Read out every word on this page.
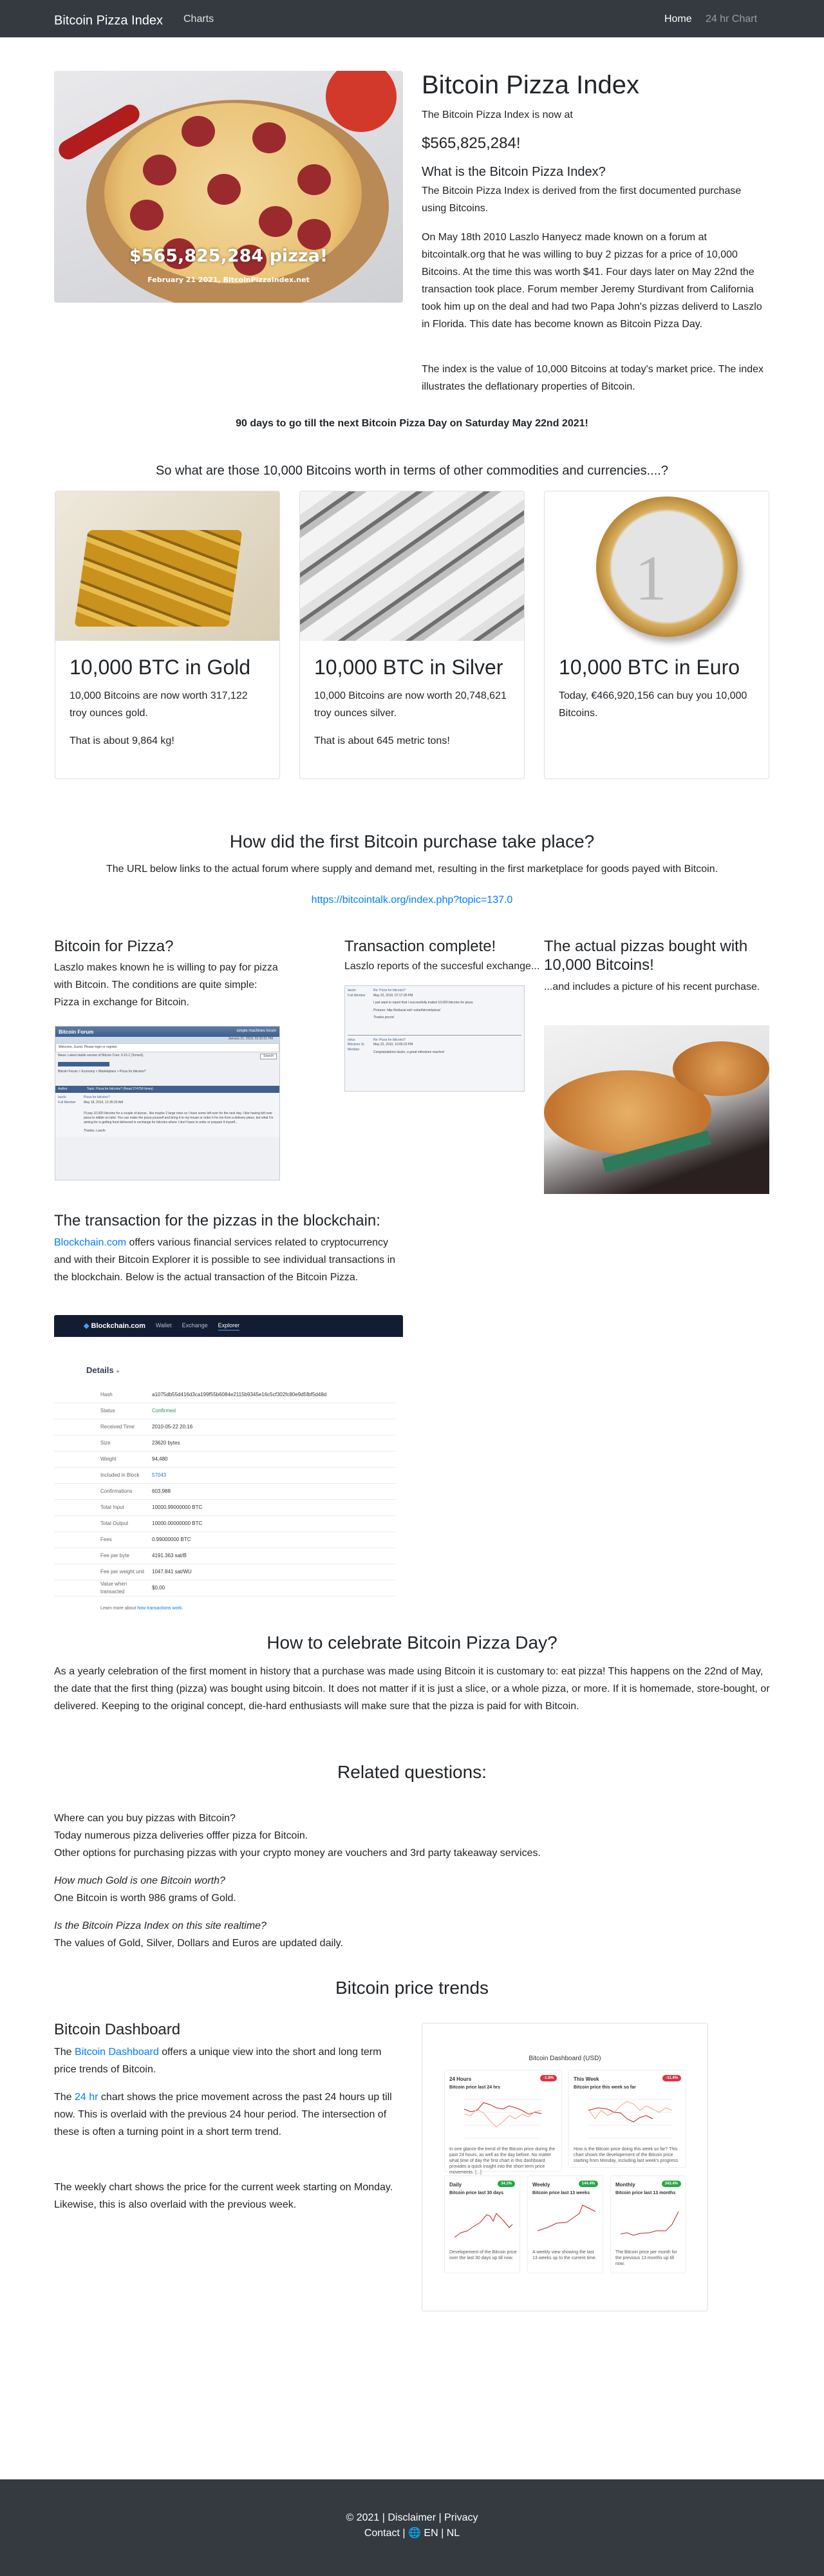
Bitcoin Pizza Index Charts	Home 24 hr Chart
$565,825,284 pizza!
February 21 2021, BitcoinPizzaIndex.net
Bitcoin Pizza Index
The Bitcoin Pizza Index is now at
$565,825,284!
What is the Bitcoin Pizza Index?

The Bitcoin Pizza Index is derived from the first documented purchase using Bitcoins.

On May 18th 2010 Laszlo Hanyecz made known on a forum at bitcointalk.org that he was willing to buy 2 pizzas for a price of 10,000 Bitcoins. At the time this was worth $41. Four days later on May 22nd the transaction took place. Forum member Jeremy Sturdivant from California took him up on the deal and had two Papa John's pizzas deliverd to Laszlo in Florida. This date has become known as Bitcoin Pizza Day.

The index is the value of 10,000 Bitcoins at today's market price. The index illustrates the deflationary properties of Bitcoin.

90 days to go till the next Bitcoin Pizza Day on Saturday May 22nd 2021!
So what are those 10,000 Bitcoins worth in terms of other commodities and currencies....?
10,000 BTC in Gold

10,000 Bitcoins are now worth 317,122 troy ounces gold.

That is about 9,864 kg!

10,000 BTC in Silver

10,000 Bitcoins are now worth 20,748,621 troy ounces silver.

That is about 645 metric tons!

1
10,000 BTC in Euro

Today, €466,920,156 can buy you 10,000 Bitcoins.

How did the first Bitcoin purchase take place?
The URL below links to the actual forum where supply and demand met, resulting in the first marketplace for goods payed with Bitcoin.
https://bitcointalk.org/index.php?topic=137.0
Bitcoin for Pizza?

Laszlo makes known he is willing to pay for pizza with Bitcoin. The conditions are quite simple: Pizza in exchange for Bitcoin.

Transaction complete!

Laszlo reports of the succesful exchange...

The actual pizzas bought with 10,000 Bitcoins!

...and includes a picture of his recent purchase.

Bitcoin Forum	simple machines forum
January 21, 2018, 03:32:01 PM
Welcome, Guest. Please login or register.
News: Latest stable version of Bitcoin Core: 0.15.1 [Torrent].	Search
Bitcoin Forum > Economy > Marketplace > Pizza for bitcoins?
Author	Topic: Pizza for bitcoins? (Read 274759 times)
laszlo
Full Member
Pizza for bitcoins?
May 18, 2010, 12:35:20 AM
I'll pay 10,000 bitcoins for a couple of pizzas.. like maybe 2 large ones so I have some left over for the next day. I like having left over pizza to nibble on later. You can make the pizza yourself and bring it to my house or order it for me from a delivery place, but what I'm aiming for is getting food delivered in exchange for bitcoins where I don't have to order or prepare it myself...
Thanks, Laszlo
laszlo
Full Member
Re: Pizza for bitcoins?
May 22, 2010, 07:17:26 PM
I just want to report that I successfully traded 10,000 bitcoins for pizza.
Pictures: http://heliacal.net/~solar/bitcoin/pizza/
Thanks jercos!
sirius
Bitcoiner Sr. Member
Re: Pizza for bitcoins?
May 22, 2010, 10:06:23 PM
Congratulations laszlo, a great milestone reached
The transaction for the pizzas in the blockchain:

Blockchain.com offers various financial services related to cryptocurrency and with their Bitcoin Explorer it is possible to see individual transactions in the blockchain. Below is the actual transaction of the Bitcoin Pizza.

◆ Blockchain.com Wallet Exchange Explorer
Details ●
Hash	a1075db55d416d3ca199f55b6084e2115b9345e16c5cf302fc80e9d5fbf5d48d
Status	Confirmed
Received Time	2010-05-22 20:16
Size	23620 bytes
Weight	94,480
Included in Block	57043
Confirmations	603,988
Total Input	10000.99000000 BTC
Total Output	10000.00000000 BTC
Fees	0.99000000 BTC
Fee per byte	4191.363 sat/B
Fee per weight unit	1047.841 sat/WU
Value when transacted
$0.00
Learn more about how transactions work.
How to celebrate Bitcoin Pizza Day?

As a yearly celebration of the first moment in history that a purchase was made using Bitcoin it is customary to: eat pizza! This happens on the 22nd of May, the date that the first thing (pizza) was bought using bitcoin. It does not matter if it is just a slice, or a whole pizza, or more. If it is homemade, store-bought, or delivered. Keeping to the original concept, die-hard enthusiasts will make sure that the pizza is paid for with Bitcoin.

Related questions:
Where can you buy pizzas with Bitcoin?
Today numerous pizza deliveries offfer pizza for Bitcoin.
Other options for purchasing pizzas with your crypto money are vouchers and 3rd party takeaway services.
How much Gold is one Bitcoin worth?
One Bitcoin is worth 986 grams of Gold.
Is the Bitcoin Pizza Index on this site realtime?
The values of Gold, Silver, Dollars and Euros are updated daily.
Bitcoin price trends
Bitcoin Dashboard

The Bitcoin Dashboard offers a unique view into the short and long term price trends of Bitcoin.

The 24 hr chart shows the price movement across the past 24 hours up till now. This is overlaid with the previous 24 hour period. The intersection of these is often a turning point in a short term trend.

The weekly chart shows the price for the current week starting on Monday. Likewise, this is also overlaid with the previous week.

Bitcoin Dashboard (USD)
24 Hours	-1.8%
Bitcoin price last 24 hrs
In one glance the trend of the Bitcoin price during the past 24 hours, as well as the day before. No matter what time of day the first chart in this dashboard provides a quick insight into the short term price movements. [...]
This Week	-11.4%
Bitcoin price this week so far
How is the Bitcoin price doing this week so far? This chart shows the developement of the Bitcoin price starting from Monday, including last week's progress.
Daily	34.2%
Bitcoin price last 30 days
Developement of the Bitcoin price over the last 30 days up till now.
Weekly	144.4%
Bitcoin price last 13 weeks
A weekly view showing the last 13 weeks up to the current time.
Monthly	343.4%
Bitcoin price last 13 months
The Bitcoin price per month for the previous 13 months up till now.
© 2021 | Disclaimer | Privacy
Contact | 🌐 EN | NL
